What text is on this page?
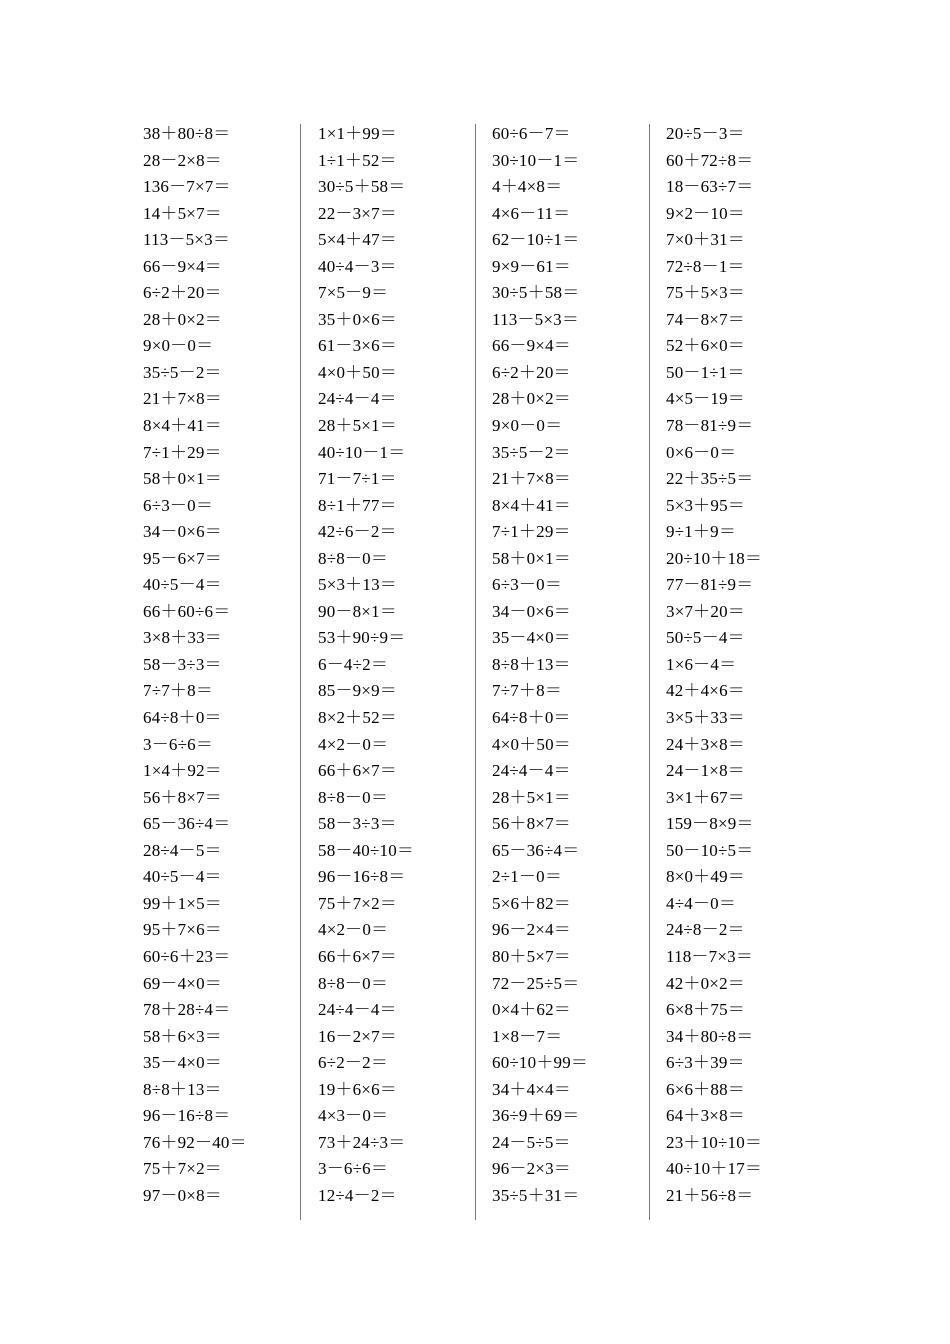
38＋80÷8＝
28－2×8＝
136－7×7＝
14＋5×7＝
113－5×3＝
66－9×4＝
6÷2＋20＝
28＋0×2＝
9×0－0＝
35÷5－2＝
21＋7×8＝
8×4＋41＝
7÷1＋29＝
58＋0×1＝
6÷3－0＝
34－0×6＝
95－6×7＝
40÷5－4＝
66＋60÷6＝
3×8＋33＝
58－3÷3＝
7÷7＋8＝
64÷8＋0＝
3－6÷6＝
1×4＋92＝
56＋8×7＝
65－36÷4＝
28÷4－5＝
40÷5－4＝
99＋1×5＝
95＋7×6＝
60÷6＋23＝
69－4×0＝
78＋28÷4＝
58＋6×3＝
35－4×0＝
8÷8＋13＝
96－16÷8＝
76＋92－40＝
75＋7×2＝
97－0×8＝
1×1＋99＝
1÷1＋52＝
30÷5＋58＝
22－3×7＝
5×4＋47＝
40÷4－3＝
7×5－9＝
35＋0×6＝
61－3×6＝
4×0＋50＝
24÷4－4＝
28＋5×1＝
40÷10－1＝
71－7÷1＝
8÷1＋77＝
42÷6－2＝
8÷8－0＝
5×3＋13＝
90－8×1＝
53＋90÷9＝
6－4÷2＝
85－9×9＝
8×2＋52＝
4×2－0＝
66＋6×7＝
8÷8－0＝
58－3÷3＝
58－40÷10＝
96－16÷8＝
75＋7×2＝
4×2－0＝
66＋6×7＝
8÷8－0＝
24÷4－4＝
16－2×7＝
6÷2－2＝
19＋6×6＝
4×3－0＝
73＋24÷3＝
3－6÷6＝
12÷4－2＝
60÷6－7＝
30÷10－1＝
4＋4×8＝
4×6－11＝
62－10÷1＝
9×9－61＝
30÷5＋58＝
113－5×3＝
66－9×4＝
6÷2＋20＝
28＋0×2＝
9×0－0＝
35÷5－2＝
21＋7×8＝
8×4＋41＝
7÷1＋29＝
58＋0×1＝
6÷3－0＝
34－0×6＝
35－4×0＝
8÷8＋13＝
7÷7＋8＝
64÷8＋0＝
4×0＋50＝
24÷4－4＝
28＋5×1＝
56＋8×7＝
65－36÷4＝
2÷1－0＝
5×6＋82＝
96－2×4＝
80＋5×7＝
72－25÷5＝
0×4＋62＝
1×8－7＝
60÷10＋99＝
34＋4×4＝
36÷9＋69＝
24－5÷5＝
96－2×3＝
35÷5＋31＝
20÷5－3＝
60＋72÷8＝
18－63÷7＝
9×2－10＝
7×0＋31＝
72÷8－1＝
75＋5×3＝
74－8×7＝
52＋6×0＝
50－1÷1＝
4×5－19＝
78－81÷9＝
0×6－0＝
22＋35÷5＝
5×3＋95＝
9÷1＋9＝
20÷10＋18＝
77－81÷9＝
3×7＋20＝
50÷5－4＝
1×6－4＝
42＋4×6＝
3×5＋33＝
24＋3×8＝
24－1×8＝
3×1＋67＝
159－8×9＝
50－10÷5＝
8×0＋49＝
4÷4－0＝
24÷8－2＝
118－7×3＝
42＋0×2＝
6×8＋75＝
34＋80÷8＝
6÷3＋39＝
6×6＋88＝
64＋3×8＝
23＋10÷10＝
40÷10＋17＝
21＋56÷8＝
